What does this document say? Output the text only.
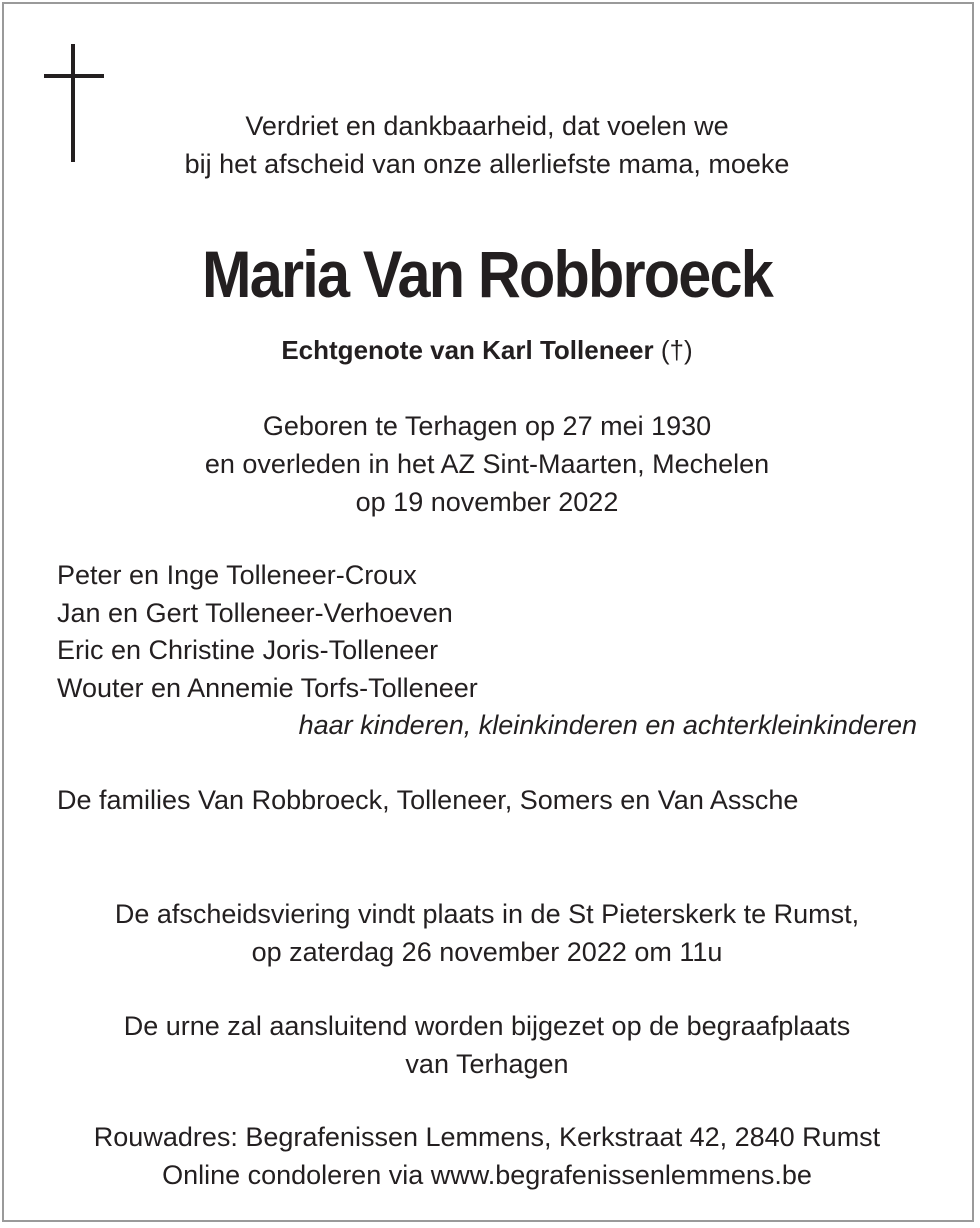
Verdriet en dankbaarheid, dat voelen we
bij het afscheid van onze allerliefste mama, moeke
Maria Van Robbroeck
Echtgenote van Karl Tolleneer (†)
Geboren te Terhagen op 27 mei 1930
en overleden in het AZ Sint-Maarten, Mechelen
op 19 november 2022
Peter en Inge Tolleneer-Croux
Jan en Gert Tolleneer-Verhoeven
Eric en Christine Joris-Tolleneer
Wouter en Annemie Torfs-Tolleneer
haar kinderen, kleinkinderen en achterkleinkinderen
De families Van Robbroeck, Tolleneer, Somers en Van Assche
De afscheidsviering vindt plaats in de St Pieterskerk te Rumst,
op zaterdag 26 november 2022 om 11u
De urne zal aansluitend worden bijgezet op de begraafplaats
van Terhagen
Rouwadres: Begrafenissen Lemmens, Kerkstraat 42, 2840 Rumst
Online condoleren via www.begrafenissenlemmens.be
